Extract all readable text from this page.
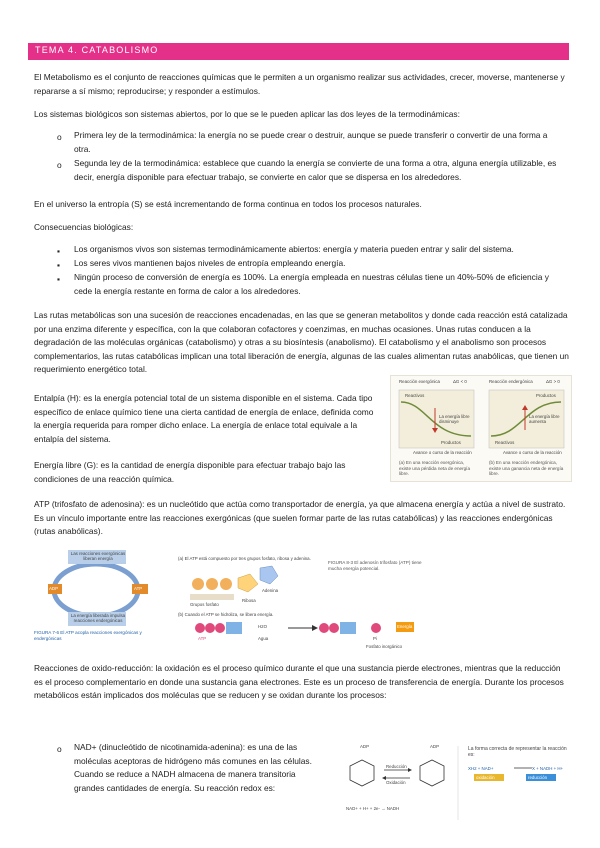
TEMA 4. CATABOLISMO
El Metabolismo es el conjunto de reacciones químicas que le permiten a un organismo realizar sus actividades, crecer, moverse, mantenerse y repararse a sí mismo; reproducirse; y responder a estímulos.
Los sistemas biológicos son sistemas abiertos, por lo que se le pueden aplicar las dos leyes de la termodinámicas:
o Primera ley de la termodinámica: la energía no se puede crear o destruir, aunque se puede transferir o convertir de una forma a otra.
o Segunda ley de la termodinámica: establece que cuando la energía se convierte de una forma a otra, alguna energía utilizable, es decir, energía disponible para efectuar trabajo, se convierte en calor que se dispersa en los alrededores.
En el universo la entropía (S) se está incrementando de forma continua en todos los procesos naturales.
Consecuencias biológicas:
▪ Los organismos vivos son sistemas termodinámicamente abiertos: energía y materia pueden entrar y salir del sistema.
▪ Los seres vivos mantienen bajos niveles de entropía empleando energía.
▪ Ningún proceso de conversión de energía es 100%. La energía empleada en nuestras células tiene un 40%-50% de eficiencia y cede la energía restante en forma de calor a los alrededores.
Las rutas metabólicas son una sucesión de reacciones encadenadas, en las que se generan metabolitos y donde cada reacción está catalizada por una enzima diferente y específica, con la que colaboran cofactores y coenzimas, en muchas ocasiones. Unas rutas conducen a la degradación de las moléculas orgánicas (catabolismo) y otras a su biosíntesis (anabolismo). El catabolismo y el anabolismo son procesos complementarios, las rutas catabólicas implican una total liberación de energía, algunas de las cuales alimentan rutas anabólicas, que tienen un requerimiento energético total.
Entalpía (H): es la energía potencial total de un sistema disponible en el sistema. Cada tipo específico de enlace químico tiene una cierta cantidad de energía de enlace, definida como la energía requerida para romper dicho enlace. La energía de enlace total equivale a la entalpía del sistema.
Energía libre (G): es la cantidad de energía disponible para efectuar trabajo bajo las condiciones de una reacción química.
Reacción exergónica	ΔG < 0	Reacción endergónica	ΔG > 0
Reactivos
Productos
La energía libre disminuye
Reactivos
Productos
La energía libre aumenta
Avance o curso de la reacción	Avance o curso de la reacción
(a) En una reacción exergónica, existe una pérdida neta de energía libre.
(b) En una reacción endergónica, existe una ganancia neta de energía libre.
ATP (trifosfato de adenosina): es un nucleótido que actúa como transportador de energía, ya que almacena energía y actúa a nivel de sustrato. Es un vínculo importante entre las reacciones exergónicas (que suelen formar parte de las rutas catabólicas) y las reacciones endergónicas (rutas anabólicas).
Las reacciones exergónicas liberan energía
La energía liberada impulsa reacciones endergónicas
ADP	ATP
FIGURA 7-6 El ATP acopla reacciones exergónicas y endergónicas
(a) El ATP está compuesto por tres grupos fosfato, ribosa y adenina.
Adenina
Ribosa
Grupos fosfato
(b) Cuando el ATP se hidroliza, se libera energía.
ATP
H2O
Agua	Pi
Fosfato inorgánico
Energía
FIGURA 8-3 El adenosín trifosfato (ATP) tiene mucha energía potencial.
Reacciones de oxido-reducción: la oxidación es el proceso químico durante el que una sustancia pierde electrones, mientras que la reducción es el proceso complementario en donde una sustancia gana electrones. Este es un proceso de transferencia de energía. Durante los procesos metabólicos están implicados dos moléculas que se reducen y se oxidan durante los procesos:
o NAD+ (dinucleótido de nicotinamida-adenina): es una de las moléculas aceptoras de hidrógeno más comunes en las células. Cuando se reduce a NADH almacena de manera transitoria grandes cantidades de energía. Su reacción redox es:
ADP	ADP
Reducción
Oxidación
NAD+ + H+ + 2e- → NADH
La forma correcta de representar la reacción es:
XH2 + NAD+	X + NADH + H+
oxidación	reducción
